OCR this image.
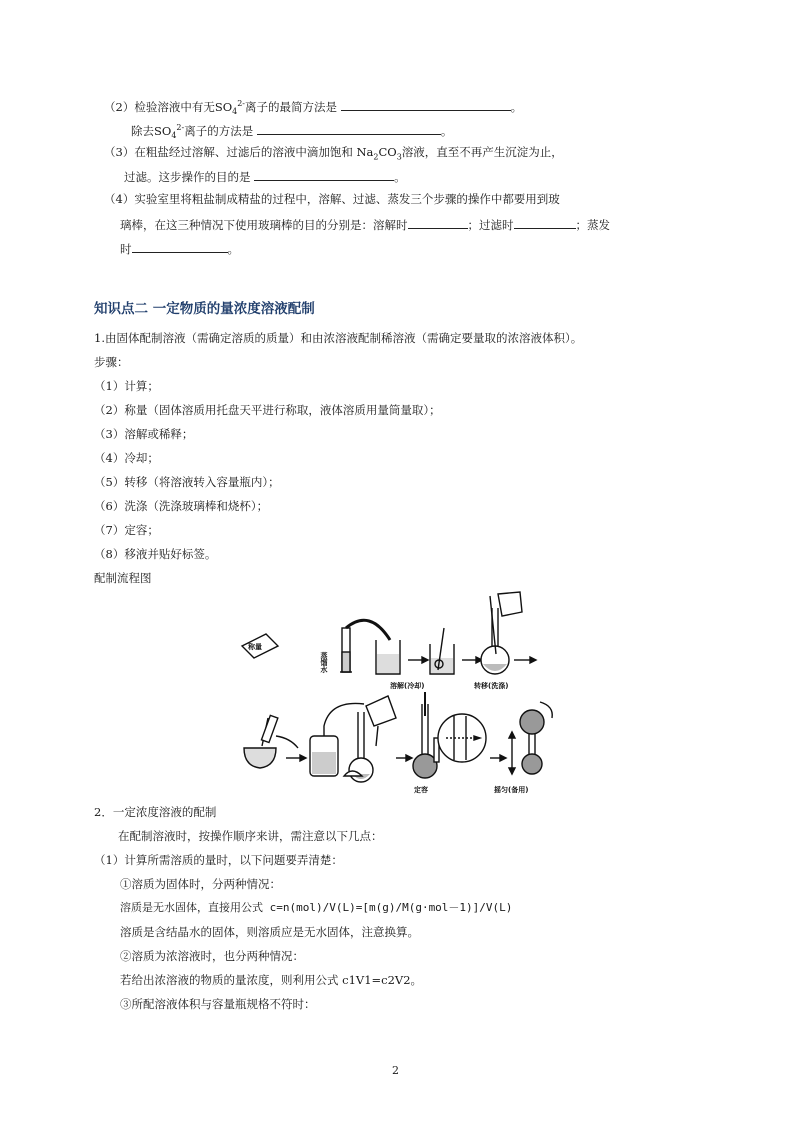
（2）检验溶液中有无$SO_4^{2-}$离子的最简方法是	。
除去$SO_4^{2-}$离子的方法是	。
（3）在粗盐经过溶解、过滤后的溶液中滴加饱和 $Na_2CO_3$溶液，直至不再产生沉淀为止，
过滤。这步操作的目的是	。
（4）实验室里将粗盐制成精盐的过程中，溶解、过滤、蒸发三个步骤的操作中都要用到玻
璃棒，在这三种情况下使用玻璃棒的目的分别是：溶解时	；过滤时	；蒸发
时	。
知识点二 一定物质的量浓度溶液配制
1.由固体配制溶液（需确定溶质的质量）和由浓溶液配制稀溶液（需确定要量取的浓溶液体积）。
步骤：
（1）计算；
（2）称量（固体溶质用托盘天平进行称取，液体溶质用量筒量取）；
（3）溶解或稀释；
（4）冷却；
（5）转移（将溶液转入容量瓶内）；
（6）洗涤（洗涤玻璃棒和烧杯）；
（7）定容；
（8）移液并贴好标签。
配制流程图
称量
蒸馏水
溶解(冷却)	转移(洗涤)
定容	摇匀(备用)
2．一定浓度溶液的配制
在配制溶液时，按操作顺序来讲，需注意以下几点：
（1）计算所需溶质的量时，以下问题要弄清楚：
①溶质为固体时，分两种情况：
溶质是无水固体，直接用公式 c=n(mol)/V(L)=[m(g)/M(g·mol－1)]/V(L)
溶质是含结晶水的固体，则溶质应是无水固体，注意换算。
②溶质为浓溶液时，也分两种情况：
若给出浓溶液的物质的量浓度，则利用公式 c1V1=c2V2。
③所配溶液体积与容量瓶规格不符时：
2
